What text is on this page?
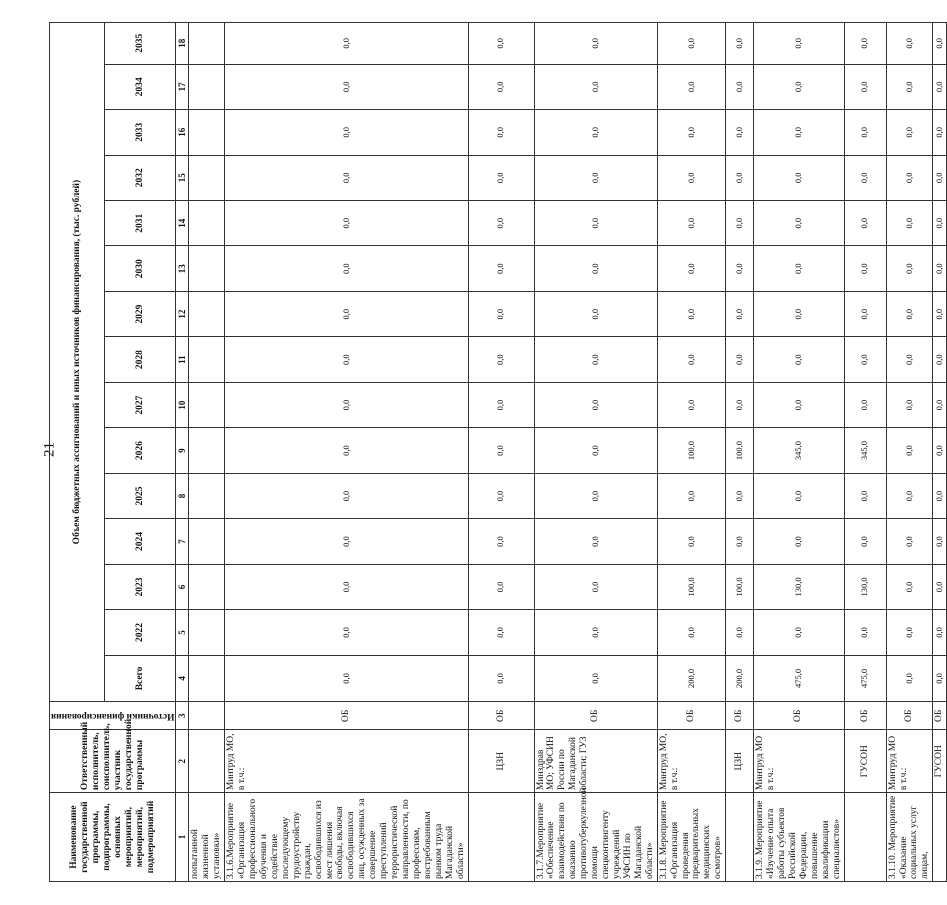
21
Наименование государственной программы, подпрограммы, основных мероприятий, мероприятий, подмероприятий	Ответственный исполнитель, соисполнитель, участник государственной программы	Источники финансирования	Объем бюджетных ассигнований и иных источников финансирования, (тыс. рублей)														
			Всего	2022	2023	2024	2025	2026	2027	2028	2029	2030	2031	2032	2033	2034	2035
1	2	3	4	5	6	7	8	9	10	11	12	13	14	15	16	17	18
попытанной жизненной установки»																	
3.1.6.Мероприятие «Организация профессионального обучения и содействие последующему трудоустройству граждан, освободившихся из мест лишения свободы, включая освободившихся лиц, осужденных за совершение преступлений террористической направленности, по профессиям, востребованным рынком труда Магаданской области»	Минтруд МО, в т.ч.:	ОБ	0,0	0,0	0,0	0,0	0,0	0,0	0,0	0,0	0,0	0,0	0,0	0,0	0,0	0,0	0,0
	ЦЗН	ОБ	0,0	0,0	0,0	0,0	0,0	0,0	0,0	0,0	0,0	0,0	0,0	0,0	0,0	0,0	0,0
3.1.7.Мероприятие «Обеспечение взаимодействия по оказанию противотуберкулезной помощи спецконтингенту учреждений УФСИН по Магаданской области»	Минздрав МО; УФСИН России по Магаданской области; ГУЗ	ОБ	0,0	0,0	0,0	0,0	0,0	0,0	0,0	0,0	0,0	0,0	0,0	0,0	0,0	0,0	0,0
3.1.8. Мероприятие «Организация проведения предварительных медицинских осмотров»	Минтруд МО, в т.ч.:	ОБ	200,0	0,0	100,0	0,0	0,0	100,0	0,0	0,0	0,0	0,0	0,0	0,0	0,0	0,0	0,0
	ЦЗН	ОБ	200,0	0,0	100,0	0,0	0,0	100,0	0,0	0,0	0,0	0,0	0,0	0,0	0,0	0,0	0,0
3.1.9. Мероприятие «Изучение опыта работы субъектов Российской Федерации, повышение квалификации специалистов»	Минтруд МО в т.ч.:	ОБ	475,0	0,0	130,0	0,0	0,0	345,0	0,0	0,0	0,0	0,0	0,0	0,0	0,0	0,0	0,0
	ГУСОН	ОБ	475,0	0,0	130,0	0,0	0,0	345,0	0,0	0,0	0,0	0,0	0,0	0,0	0,0	0,0	0,0
3.1.10. Мероприятие «Оказание социальных услуг лицам,	Минтруд МО в т.ч.:	ОБ	0,0	0,0	0,0	0,0	0,0	0,0	0,0	0,0	0,0	0,0	0,0	0,0	0,0	0,0	0,0
	ГУСОН	ОБ	0,0	0,0	0,0	0,0	0,0	0,0	0,0	0,0	0,0	0,0	0,0	0,0	0,0	0,0	0,0
